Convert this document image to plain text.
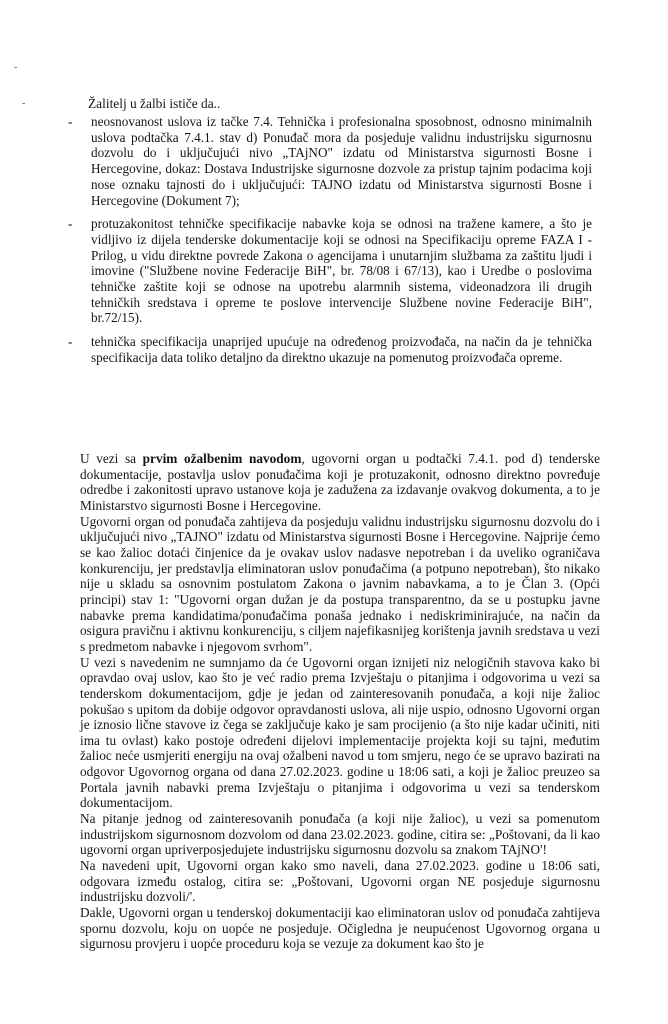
-
-	Žalitelj u žalbi ističe da..
- neosnovanost uslova iz tačke 7.4. Tehnička i profesionalna sposobnost, odnosno minimalnih uslova podtačka 7.4.1. stav d) Ponuđač mora da posjeduje validnu industrijsku sigurnosnu dozvolu do i uključujući nivo „TAjNO" izdatu od Ministarstva sigurnosti Bosne i Hercegovine, dokaz: Dostava Industrijske sigurnosne dozvole za pristup tajnim podacima koji nose oznaku tajnosti do i uključujući: TAJNO izdatu od Ministarstva sigurnosti Bosne i Hercegovine (Dokument 7);
- protuzakonitost tehničke specifikacije nabavke koja se odnosi na tražene kamere, a što je vidljivo iz dijela tenderske dokumentacije koji se odnosi na Specifikaciju opreme FAZA I -Prilog, u vidu direktne povrede Zakona o agencijama i unutarnjim službama za zaštitu ljudi i imovine ("Službene novine Federacije BiH", br. 78/08 i 67/13), kao i Uredbe o poslovima tehničke zaštite koji se odnose na upotrebu alarmnih sistema, videonadzora ili drugih tehničkih sredstava i opreme te poslove intervencije Službene novine Federacije BiH", br.72/15).
- tehnička specifikacija unaprijed upućuje na određenog proizvođača, na način da je tehnička specifikacija data toliko detaljno da direktno ukazuje na pomenutog proizvođača opreme.

U vezi sa prvim ožalbenim navodom, ugovorni organ u podtački 7.4.1. pod d) tenderske dokumentacije, postavlja uslov ponuđačima koji je protuzakonit, odnosno direktno povređuje odredbe i zakonitosti upravo ustanove koja je zadužena za izdavanje ovakvog dokumenta, a to je Ministarstvo sigurnosti Bosne i Hercegovine.

Ugovorni organ od ponuđača zahtijeva da posjeduju validnu industrijsku sigurnosnu dozvolu do i uključujući nivo „TAJNO" izdatu od Ministarstva sigurnosti Bosne i Hercegovine. Najprije ćemo se kao žalioc dotaći činjenice da je ovakav uslov nadasve nepotreban i da uveliko ograničava konkurenciju, jer predstavlja eliminatoran uslov ponuđačima (a potpuno nepotreban), što nikako nije u skladu sa osnovnim postulatom Zakona o javnim nabavkama, a to je Član 3. (Opći principi) stav 1: "Ugovorni organ dužan je da postupa transparentno, da se u postupku javne nabavke prema kandidatima/ponuđačima ponaša jednako i nediskriminirajuće, na način da osigura pravičnu i aktivnu konkurenciju, s ciljem najefikasnijeg korištenja javnih sredstava u vezi s predmetom nabavke i njegovom svrhom".

U vezi s navedenim ne sumnjamo da će Ugovorni organ iznijeti niz nelogičnih stavova kako bi opravdao ovaj uslov, kao što je već radio prema Izvještaju o pitanjima i odgovorima u vezi sa tenderskom dokumentacijom, gdje je jedan od zainteresovanih ponuđača, a koji nije žalioc pokušao s upitom da dobije odgovor opravdanosti uslova, ali nije uspio, odnosno Ugovorni organ je iznosio lične stavove iz čega se zaključuje kako je sam procijenio (a što nije kadar učiniti, niti ima tu ovlast) kako postoje određeni dijelovi implementacije projekta koji su tajni, međutim žalioc neće usmjeriti energiju na ovaj ožalbeni navod u tom smjeru, nego će se upravo bazirati na odgovor Ugovornog organa od dana 27.02.2023. godine u 18:06 sati, a koji je žalioc preuzeo sa Portala javnih nabavki prema Izvještaju o pitanjima i odgovorima u vezi sa tenderskom dokumentacijom.

Na pitanje jednog od zainteresovanih ponuđača (a koji nije žalioc), u vezi sa pomenutom industrijskom sigurnosnom dozvolom od dana 23.02.2023. godine, citira se: „Poštovani, da li kao ugovorni organ upriverposjedujete industrijsku sigurnosnu dozvolu sa znakom TAjNO'!

Na navedeni upit, Ugovorni organ kako smo naveli, dana 27.02.2023. godine u 18:06 sati, odgovara između ostalog, citira se: „Poštovani, Ugovorni organ NE posjeduje sigurnosnu industrijsku dozvoli/'.

Dakle, Ugovorni organ u tenderskoj dokumentaciji kao eliminatoran uslov od ponuđača zahtijeva spornu dozvolu, koju on uopće ne posjeduje. Očigledna je neupućenost Ugovornog organa u sigurnosu provjeru i uopće proceduru koja se vezuje za dokument kao što je
